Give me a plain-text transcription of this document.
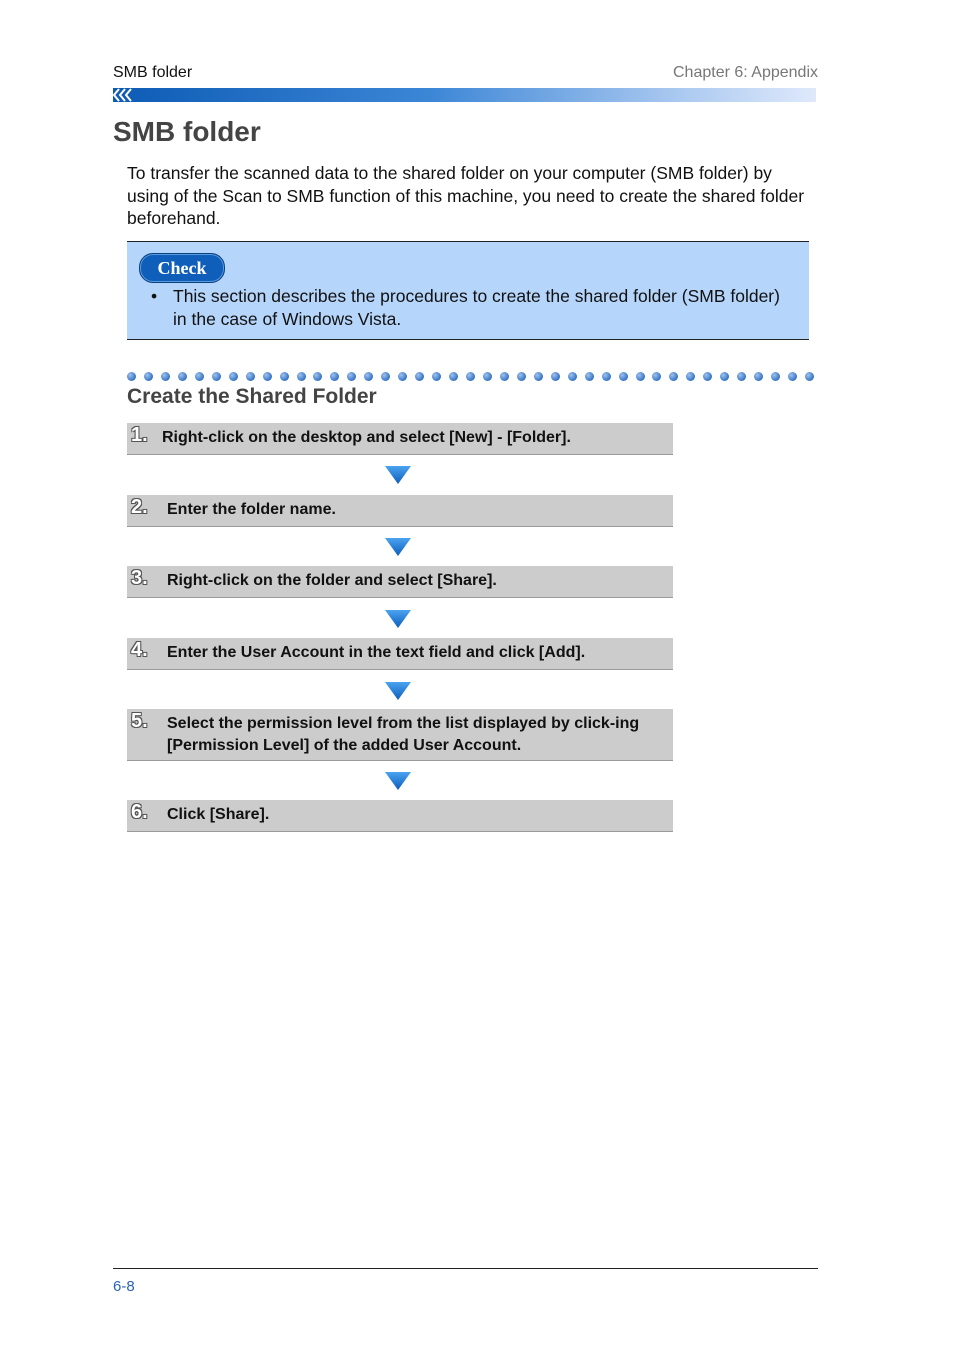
SMB folder	Chapter 6: Appendix
SMB folder
To transfer the scanned data to the shared folder on your computer (SMB folder) by using of the Scan to SMB function of this machine, you need to create the shared folder beforehand.
Check
• This section describes the procedures to create the shared folder (SMB folder) in the case of Windows Vista.
Create the Shared Folder
1. Right-click on the desktop and select [New] - [Folder].
2. Enter the folder name.
3. Right-click on the folder and select [Share].
4. Enter the User Account in the text field and click [Add].
5. Select the permission level from the list displayed by click-ing [Permission Level] of the added User Account.
6. Click [Share].
6-8
